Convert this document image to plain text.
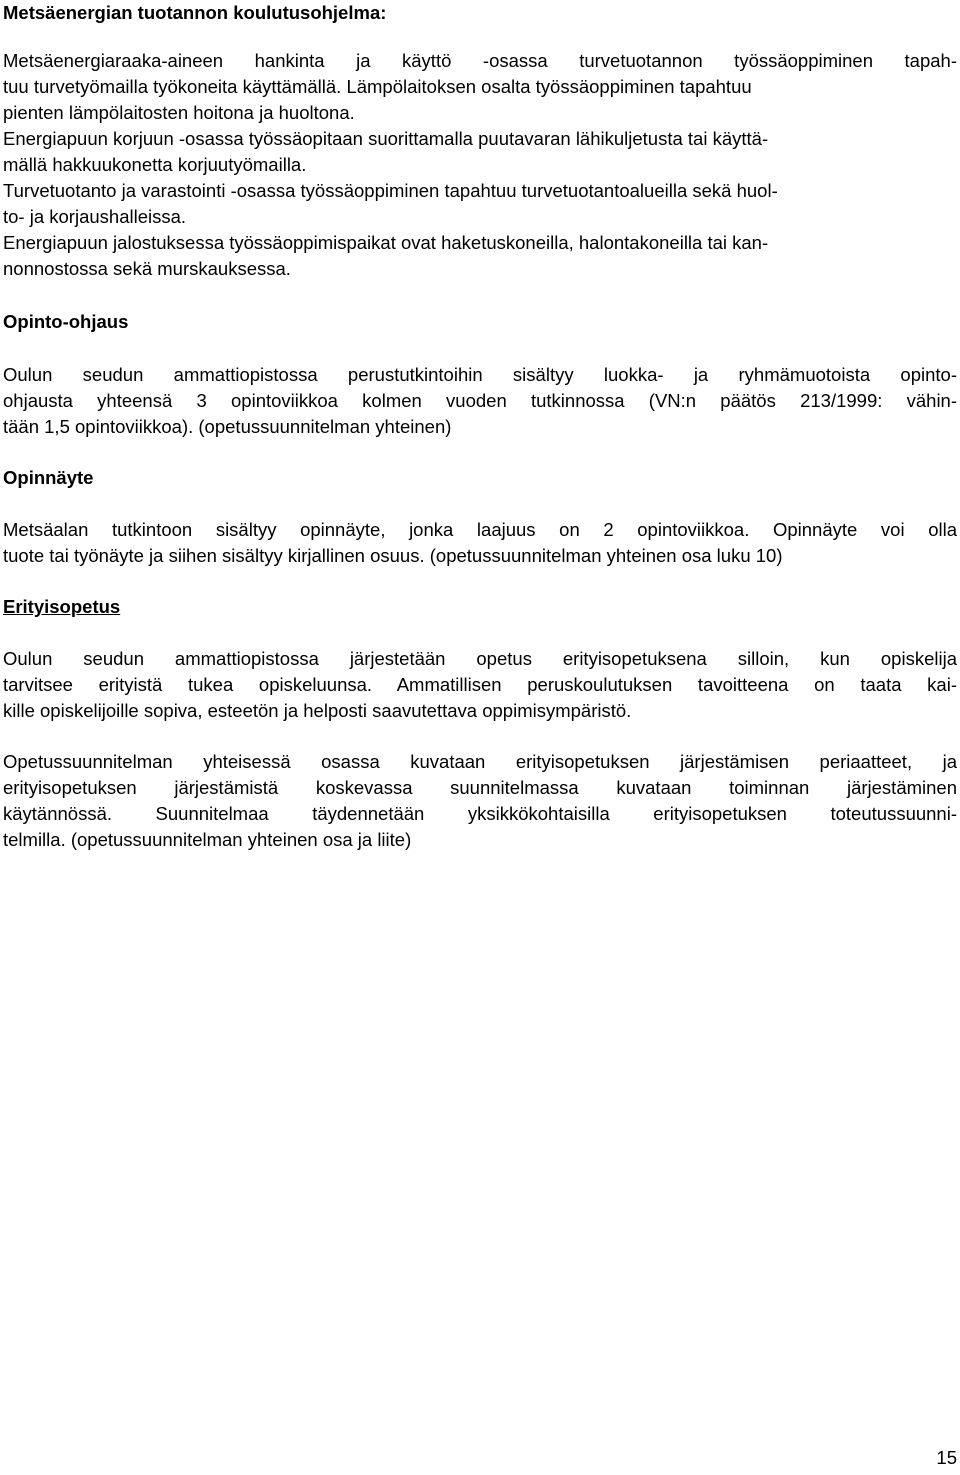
Metsäenergian tuotannon koulutusohjelma:
Metsäenergiaraaka-aineen hankinta ja käyttö -osassa turvetuotannon työssäoppiminen tapah-
tuu turvetyömailla työkoneita käyttämällä. Lämpölaitoksen osalta työssäoppiminen tapahtuu
pienten lämpölaitosten hoitona ja huoltona.
Energiapuun korjuun -osassa työssäopitaan suorittamalla puutavaran lähikuljetusta tai käyttä-
mällä hakkuukonetta korjuutyömailla.
Turvetuotanto ja varastointi -osassa työssäoppiminen tapahtuu turvetuotantoalueilla sekä huol-
to- ja korjaushalleissa.
Energiapuun jalostuksessa työssäoppimispaikat ovat haketuskoneilla, halontakoneilla tai kan-
nonnostossa sekä murskauksessa.
Opinto-ohjaus
Oulun seudun ammattiopistossa perustutkintoihin sisältyy luokka- ja ryhmämuotoista opinto-
ohjausta yhteensä 3 opintoviikkoa kolmen vuoden tutkinnossa (VN:n päätös 213/1999: vähin-
tään 1,5 opintoviikkoa). (opetussuunnitelman yhteinen)
Opinnäyte
Metsäalan tutkintoon sisältyy opinnäyte, jonka laajuus on 2 opintoviikkoa. Opinnäyte voi olla
tuote tai työnäyte ja siihen sisältyy kirjallinen osuus. (opetussuunnitelman yhteinen osa luku 10)
Erityisopetus
Oulun seudun ammattiopistossa järjestetään opetus erityisopetuksena silloin, kun opiskelija
tarvitsee erityistä tukea opiskeluunsa. Ammatillisen peruskoulutuksen tavoitteena on taata kai-
kille opiskelijoille sopiva, esteetön ja helposti saavutettava oppimisympäristö.
Opetussuunnitelman yhteisessä osassa kuvataan erityisopetuksen järjestämisen periaatteet, ja
erityisopetuksen järjestämistä koskevassa suunnitelmassa kuvataan toiminnan järjestäminen
käytännössä. Suunnitelmaa täydennetään yksikkökohtaisilla erityisopetuksen toteutussuunni-
telmilla. (opetussuunnitelman yhteinen osa ja liite)
15
